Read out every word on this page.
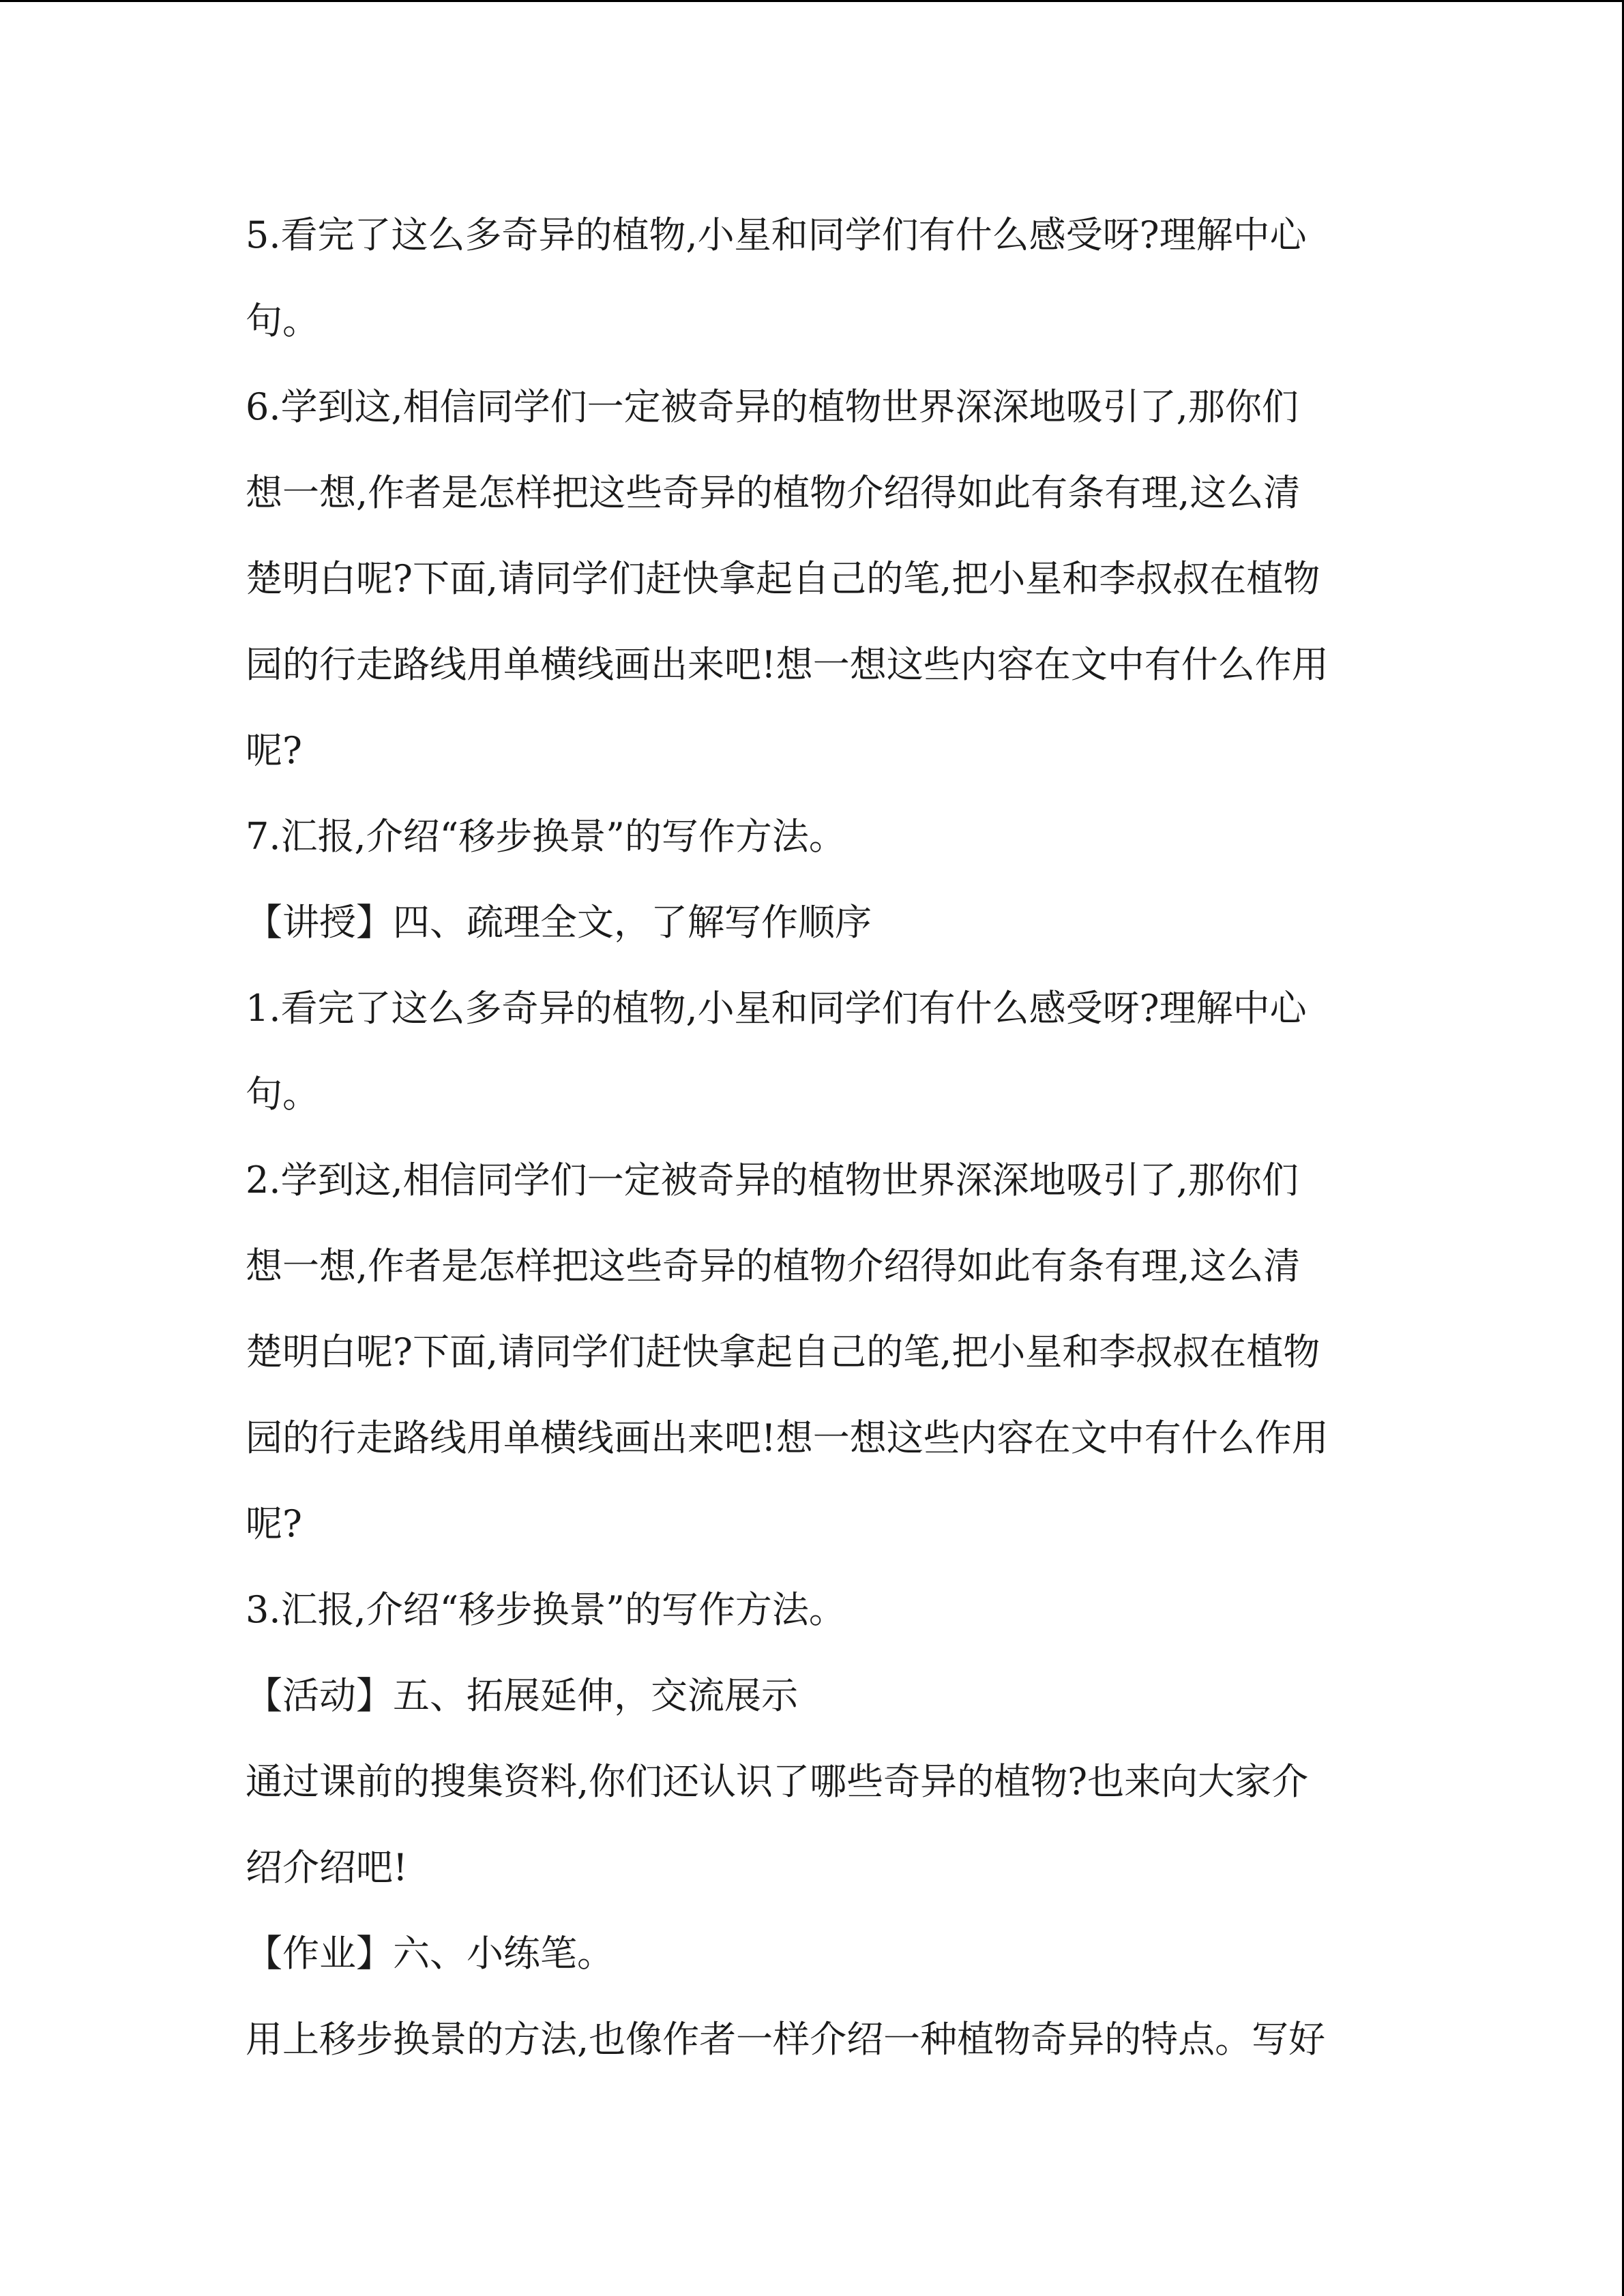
5.看完了这么多奇异的植物,小星和同学们有什么感受呀?理解中心
句。
6.学到这,相信同学们一定被奇异的植物世界深深地吸引了,那你们
想一想,作者是怎样把这些奇异的植物介绍得如此有条有理,这么清
楚明白呢?下面,请同学们赶快拿起自己的笔,把小星和李叔叔在植物
园的行走路线用单横线画出来吧!想一想这些内容在文中有什么作用
呢?
7.汇报,介绍“移步换景”的写作方法。
【讲授】四、疏理全文，了解写作顺序
1.看完了这么多奇异的植物,小星和同学们有什么感受呀?理解中心
句。
2.学到这,相信同学们一定被奇异的植物世界深深地吸引了,那你们
想一想,作者是怎样把这些奇异的植物介绍得如此有条有理,这么清
楚明白呢?下面,请同学们赶快拿起自己的笔,把小星和李叔叔在植物
园的行走路线用单横线画出来吧!想一想这些内容在文中有什么作用
呢?
3.汇报,介绍“移步换景”的写作方法。
【活动】五、拓展延伸，交流展示
通过课前的搜集资料,你们还认识了哪些奇异的植物?也来向大家介
绍介绍吧!
【作业】六、小练笔。
用上移步换景的方法,也像作者一样介绍一种植物奇异的特点。写好
